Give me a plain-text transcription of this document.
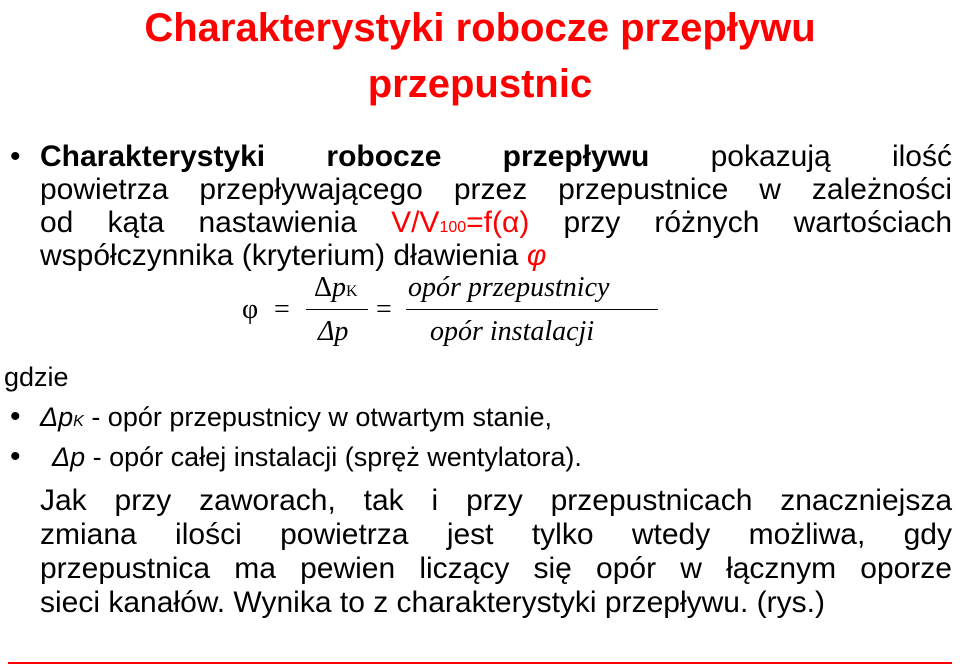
Charakterystyki robocze przepływu
przepustnic
• Charakterystyki robocze przepływu pokazują ilość
powietrza przepływającego przez przepustnice w zależności
od kąta nastawienia V/V100=f(α) przy różnych wartościach
współczynnika (kryterium) dławienia φ
φ =
ΔpK
Δp
=
opór przepustnicy
opór instalacji
gdzie
• ΔpK - opór przepustnicy w otwartym stanie,
• Δp - opór całej instalacji (spręż wentylatora).
Jak przy zaworach, tak i przy przepustnicach znaczniejsza
zmiana ilości powietrza jest tylko wtedy możliwa, gdy
przepustnica ma pewien liczący się opór w łącznym oporze
sieci kanałów. Wynika to z charakterystyki przepływu. (rys.)
